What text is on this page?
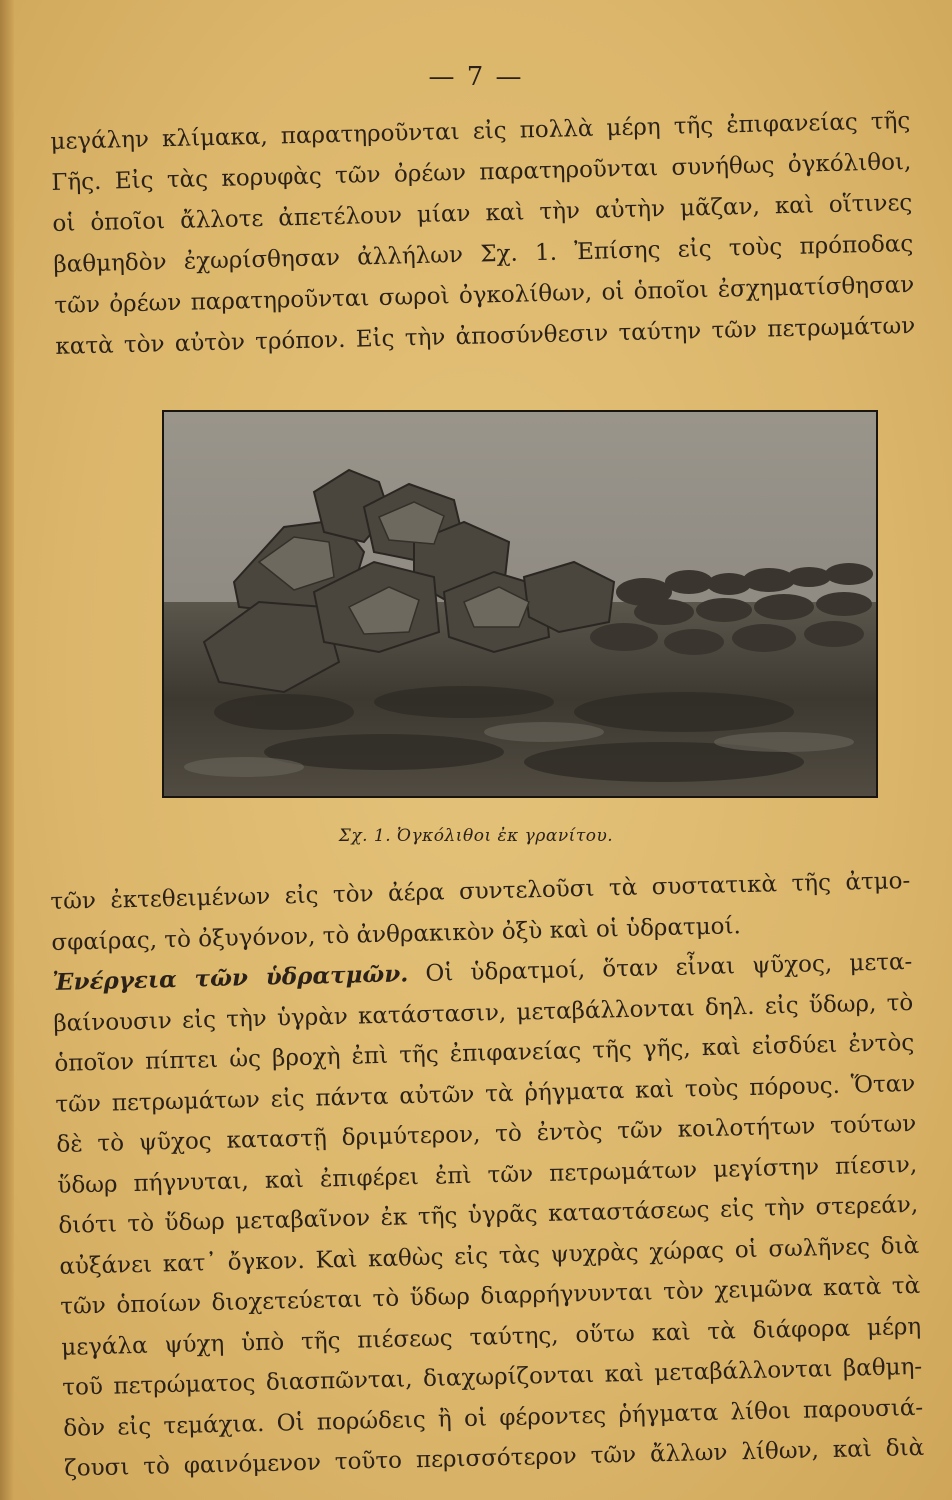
— 7 —
μεγάλην κλίμακα, παρατηροῦνται εἰς πολλὰ μέρη τῆς ἐπιφανείας τῆς
Γῆς. Εἰς τὰς κορυφὰς τῶν ὀρέων παρατηροῦνται συνήθως ὀγκόλιθοι,
οἱ ὁποῖοι ἄλλοτε ἀπετέλουν μίαν καὶ τὴν αὐτὴν μᾶζαν, καὶ οἵτινες
βαθμηδὸν ἐχωρίσθησαν ἀλλήλων Σχ. 1. Ἐπίσης εἰς τοὺς πρόποδας
τῶν ὀρέων παρατηροῦνται σωροὶ ὀγκολίθων, οἱ ὁποῖοι ἐσχηματίσθησαν
κατὰ τὸν αὐτὸν τρόπον. Εἰς τὴν ἀποσύνθεσιν ταύτην τῶν πετρωμάτων
Σχ. 1. Ὀγκόλιθοι ἐκ γρανίτου.
τῶν ἐκτεθειμένων εἰς τὸν ἀέρα συντελοῦσι τὰ συστατικὰ τῆς ἀτμο-
σφαίρας, τὸ ὀξυγόνον, τὸ ἀνθρακικὸν ὀξὺ καὶ οἱ ὑδρατμοί.
Ἐνέργεια τῶν ὑδρατμῶν. Οἱ ὑδρατμοί, ὅταν εἶναι ψῦχος, μετα-
βαίνουσιν εἰς τὴν ὑγρὰν κατάστασιν, μεταβάλλονται δηλ. εἰς ὕδωρ, τὸ
ὁποῖον πίπτει ὡς βροχὴ ἐπὶ τῆς ἐπιφανείας τῆς γῆς, καὶ εἰσδύει ἐντὸς
τῶν πετρωμάτων εἰς πάντα αὐτῶν τὰ ῥήγματα καὶ τοὺς πόρους. Ὅταν
δὲ τὸ ψῦχος καταστῇ δριμύτερον, τὸ ἐντὸς τῶν κοιλοτήτων τούτων
ὕδωρ πήγνυται, καὶ ἐπιφέρει ἐπὶ τῶν πετρωμάτων μεγίστην πίεσιν,
διότι τὸ ὕδωρ μεταβαῖνον ἐκ τῆς ὑγρᾶς καταστάσεως εἰς τὴν στερεάν,
αὐξάνει κατ᾽ ὄγκον. Καὶ καθὼς εἰς τὰς ψυχρὰς χώρας οἱ σωλῆνες διὰ
τῶν ὁποίων διοχετεύεται τὸ ὕδωρ διαρρήγνυνται τὸν χειμῶνα κατὰ τὰ
μεγάλα ψύχη ὑπὸ τῆς πιέσεως ταύτης, οὕτω καὶ τὰ διάφορα μέρη
τοῦ πετρώματος διασπῶνται, διαχωρίζονται καὶ μεταβάλλονται βαθμη-
δὸν εἰς τεμάχια. Οἱ πορώδεις ἢ οἱ φέροντες ῥήγματα λίθοι παρουσιά-
ζουσι τὸ φαινόμενον τοῦτο περισσότερον τῶν ἄλλων λίθων, καὶ διὰ
